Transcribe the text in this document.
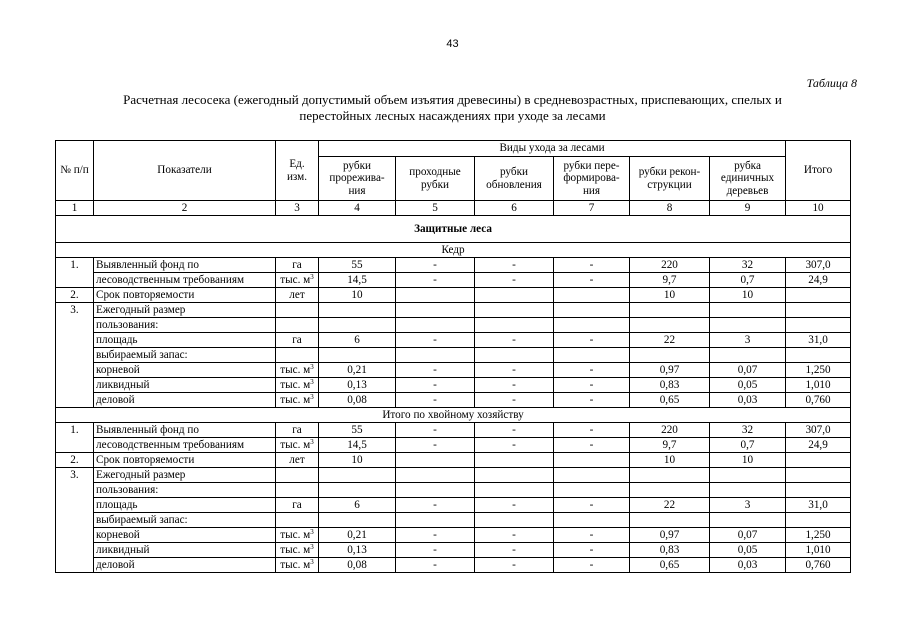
43
Таблица 8
Расчетная лесосека (ежегодный допустимый объем изъятия древесины) в средневозрастных, приспевающих, спелых и
перестойных лесных насаждениях при уходе за лесами
№ п/п	Показатели	Ед. изм.	Виды ухода за лесами						Итого
			рубки прорежива-ния	проходные рубки	рубки обновления	рубки пере-формирова-ния	рубки рекон-струкции	рубка единичных деревьев	
1	2	3	4	5	6	7	8	9	10
Защитные леса									
Кедр									
1.	Выявленный фонд по	га	55	-	-	-	220	32	307,0
	лесоводственным требованиям	тыс. $м^3$	14,5	-	-	-	9,7	0,7	24,9
2.	Срок повторяемости	лет	10				10	10	
3.	Ежегодный размер								
	пользования:								
	площадь	га	6	-	-	-	22	3	31,0
	выбираемый запас:								
	корневой	тыс. $м^3$	0,21	-	-	-	0,97	0,07	1,250
	ликвидный	тыс. $м^3$	0,13	-	-	-	0,83	0,05	1,010
	деловой	тыс. $м^3$	0,08	-	-	-	0,65	0,03	0,760
Итого по хвойному хозяйству									
1.	Выявленный фонд по	га	55	-	-	-	220	32	307,0
	лесоводственным требованиям	тыс. $м^3$	14,5	-	-	-	9,7	0,7	24,9
2.	Срок повторяемости	лет	10				10	10	
3.	Ежегодный размер								
	пользования:								
	площадь	га	6	-	-	-	22	3	31,0
	выбираемый запас:								
	корневой	тыс. $м^3$	0,21	-	-	-	0,97	0,07	1,250
	ликвидный	тыс. $м^3$	0,13	-	-	-	0,83	0,05	1,010
	деловой	тыс. $м^3$	0,08	-	-	-	0,65	0,03	0,760
